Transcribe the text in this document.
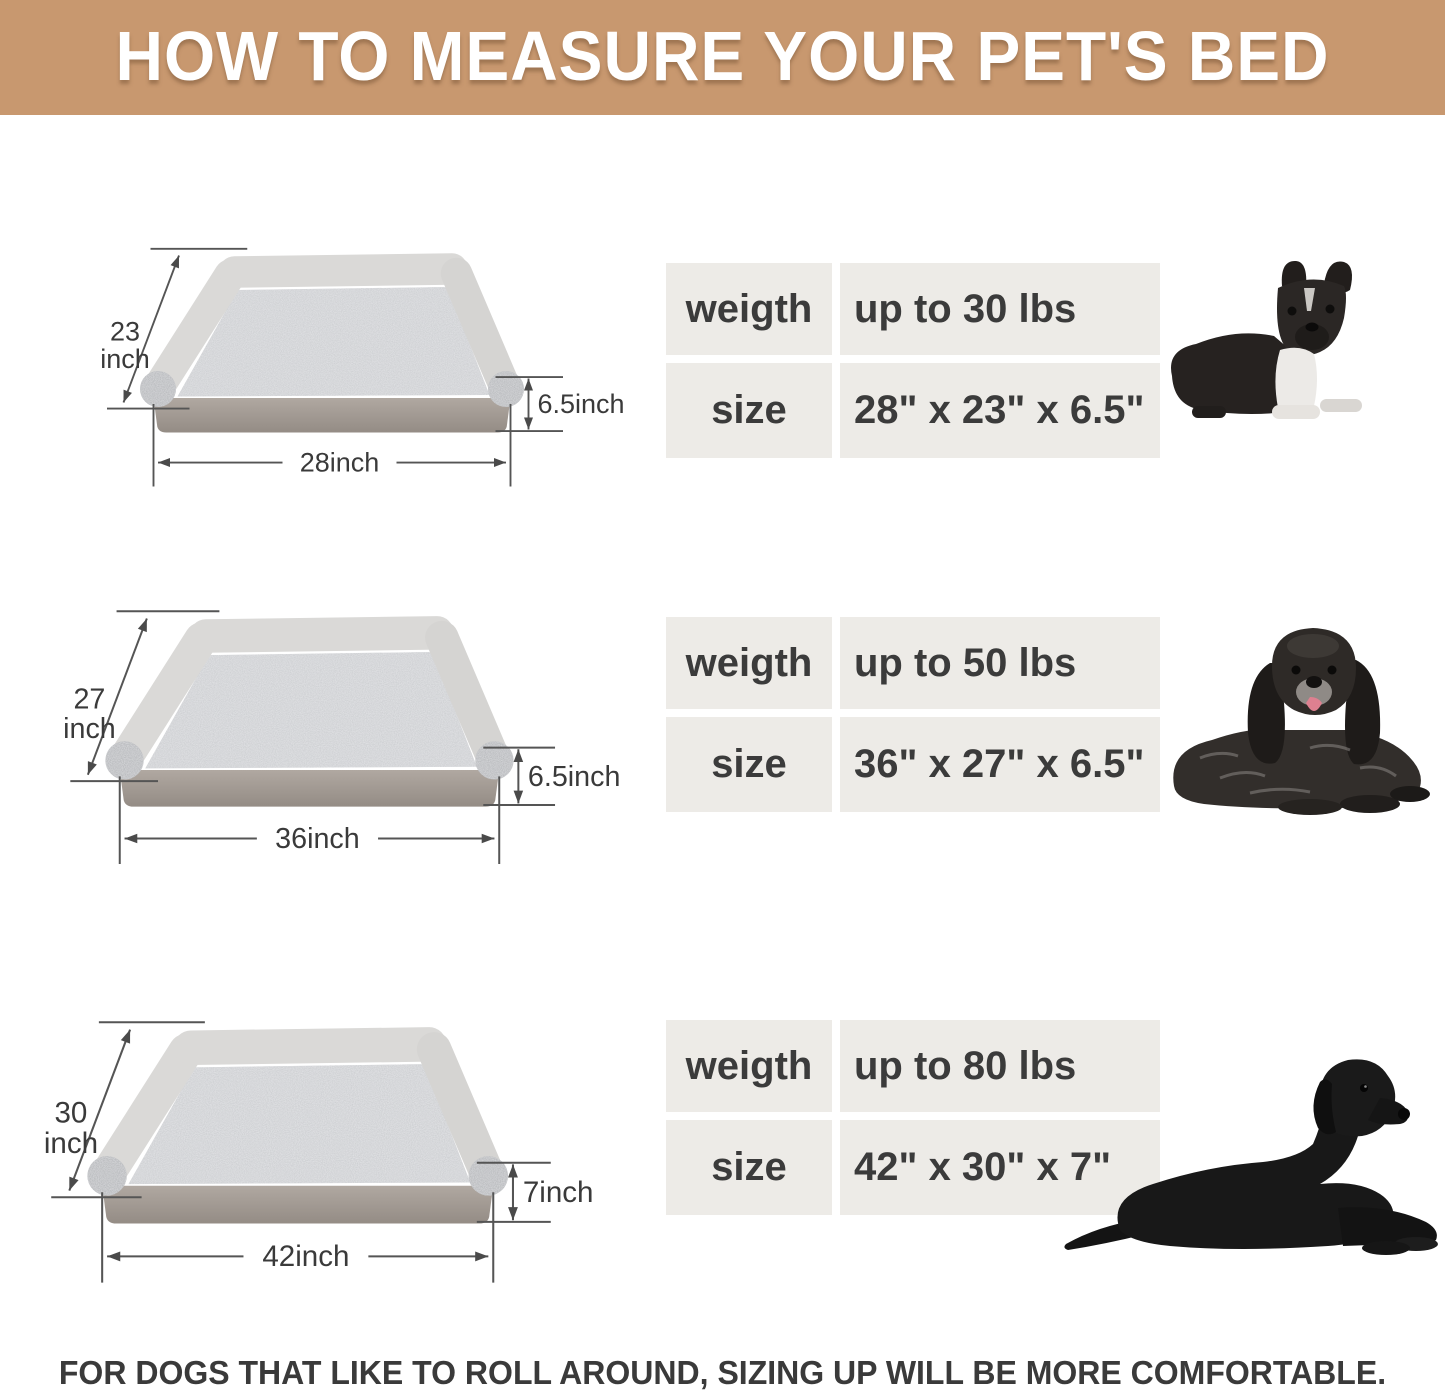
HOW TO MEASURE YOUR PET'S BED
23
inch
6.5inch
28inch
weigth up to 30 lbs
size 28" x 23" x 6.5"
27
inch
6.5inch
36inch
weigth up to 50 lbs
size 36" x 27" x 6.5"
30
inch
7inch
42inch
weigth up to 80 lbs
size 42" x 30" x 7"
FOR DOGS THAT LIKE TO ROLL AROUND, SIZING UP WILL BE MORE COMFORTABLE.
